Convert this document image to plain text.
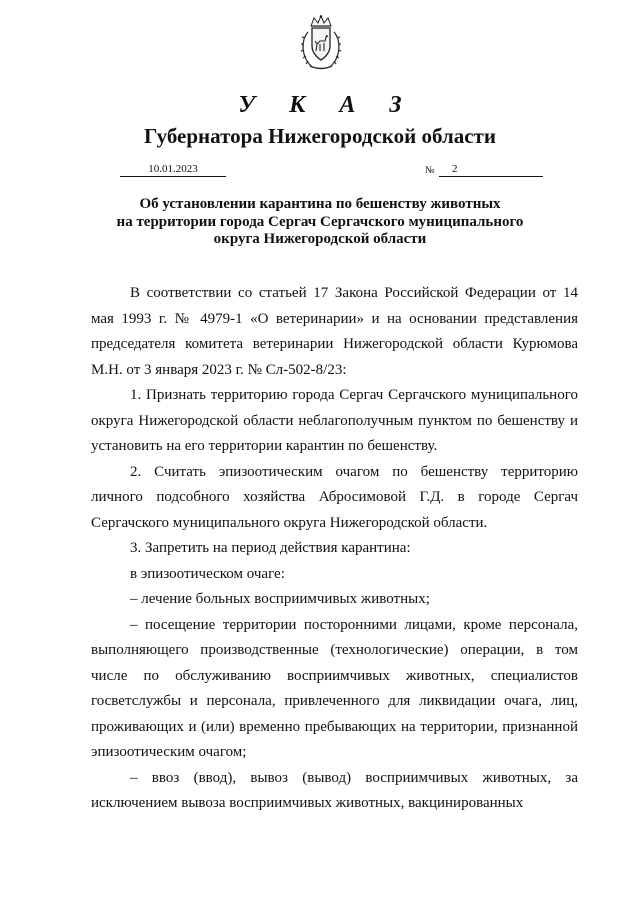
У К А З
Губернатора Нижегородской области
10.01.2023	№	2
Об установлении карантина по бешенству животных
на территории города Сергач Сергачского муниципального
округа Нижегородской области

В соответствии со статьей 17 Закона Российской Федерации от 14 мая 1993 г. № 4979-1 «О ветеринарии» и на основании представления председателя комитета ветеринарии Нижегородской области Курюмова М.Н. от 3 января 2023 г. № Сл-502-8/23:

1. Признать территорию города Сергач Сергачского муниципального округа Нижегородской области неблагополучным пунктом по бешенству и установить на его территории карантин по бешенству.

2. Считать эпизоотическим очагом по бешенству территорию личного подсобного хозяйства Абросимовой Г.Д. в городе Сергач Сергачского муниципального округа Нижегородской области.

3. Запретить на период действия карантина:

в эпизоотическом очаге:

– лечение больных восприимчивых животных;

– посещение территории посторонними лицами, кроме персонала, выполняющего производственные (технологические) операции, в том числе по обслуживанию восприимчивых животных, специалистов госветслужбы и персонала, привлеченного для ликвидации очага, лиц, проживающих и (или) временно пребывающих на территории, признанной эпизоотическим очагом;

– ввоз (ввод), вывоз (вывод) восприимчивых животных, за исключением вывоза восприимчивых животных, вакцинированных
